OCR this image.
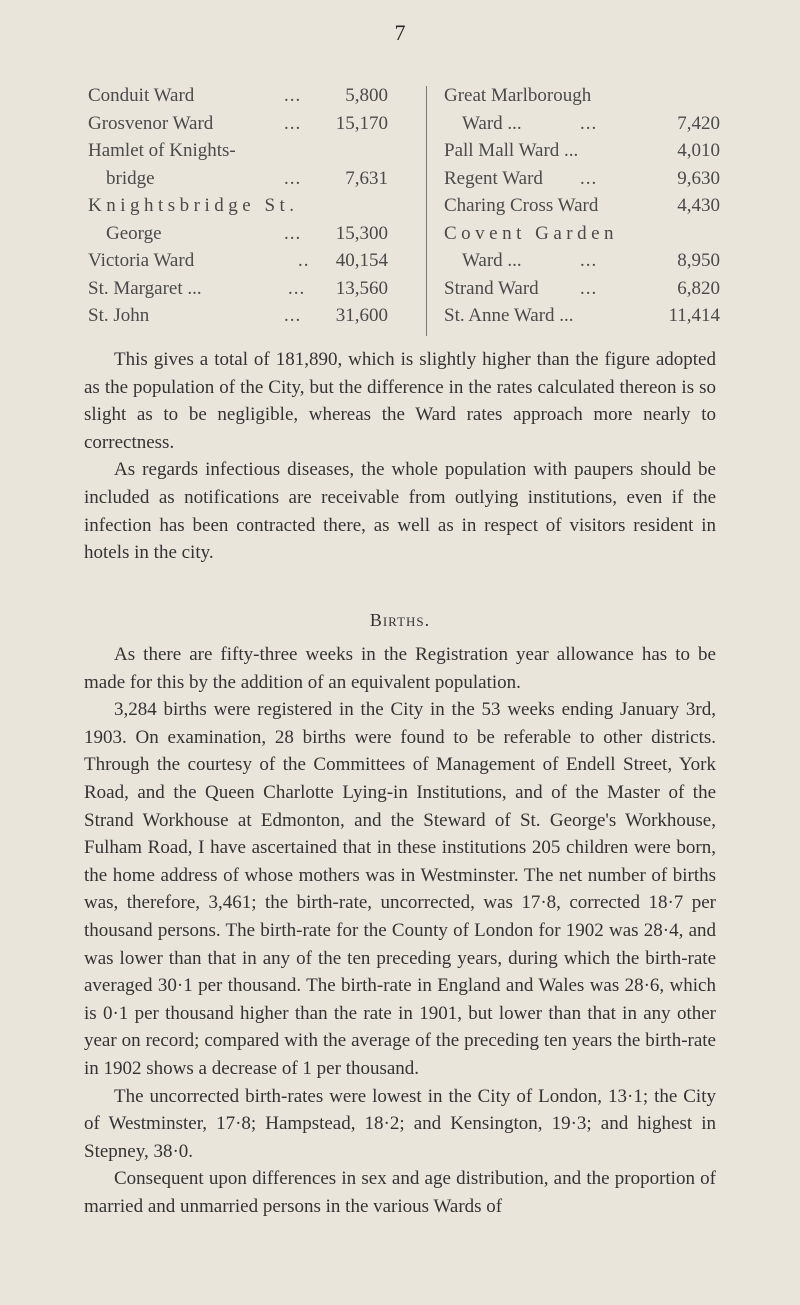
7
Conduit Ward	... 5,800
Grosvenor Ward	... 15,170
Hamlet of Knights-
bridge	... 7,631
Knightsbridge St.
George	... 15,300
Victoria Ward	.. 40,154
St. Margaret ...	... 13,560
St. John	... 31,600
Great Marlborough
Ward ...	...	7,420
Pall Mall Ward ...	4,010
Regent Ward ...	9,630
Charing Cross Ward	4,430
Covent Garden
Ward ...	...	8,950
Strand Ward ...	6,820
St. Anne Ward ...	11,414

This gives a total of 181,890, which is slightly higher than the figure adopted as the population of the City, but the difference in the rates calculated thereon is so slight as to be negligible, whereas the Ward rates approach more nearly to correctness.

As regards infectious diseases, the whole population with paupers should be included as notifications are receivable from outlying institutions, even if the infection has been contracted there, as well as in respect of visitors resident in hotels in the city.

Births.

As there are fifty-three weeks in the Registration year allowance has to be made for this by the addition of an equivalent population.

3,284 births were registered in the City in the 53 weeks ending January 3rd, 1903. On examination, 28 births were found to be referable to other districts. Through the courtesy of the Committees of Management of Endell Street, York Road, and the Queen Charlotte Lying-in Institutions, and of the Master of the Strand Workhouse at Edmonton, and the Steward of St. George's Workhouse, Fulham Road, I have ascertained that in these institutions 205 children were born, the home address of whose mothers was in Westminster. The net number of births was, therefore, 3,461; the birth-rate, uncorrected, was 17·8, corrected 18·7 per thousand persons. The birth-rate for the County of London for 1902 was 28·4, and was lower than that in any of the ten preceding years, during which the birth-rate averaged 30·1 per thousand. The birth-rate in England and Wales was 28·6, which is 0·1 per thousand higher than the rate in 1901, but lower than that in any other year on record; compared with the average of the preceding ten years the birth-rate in 1902 shows a decrease of 1 per thousand.

The uncorrected birth-rates were lowest in the City of London, 13·1; the City of Westminster, 17·8; Hampstead, 18·2; and Kensington, 19·3; and highest in Stepney, 38·0.

Consequent upon differences in sex and age distribution, and the proportion of married and unmarried persons in the various Wards of
